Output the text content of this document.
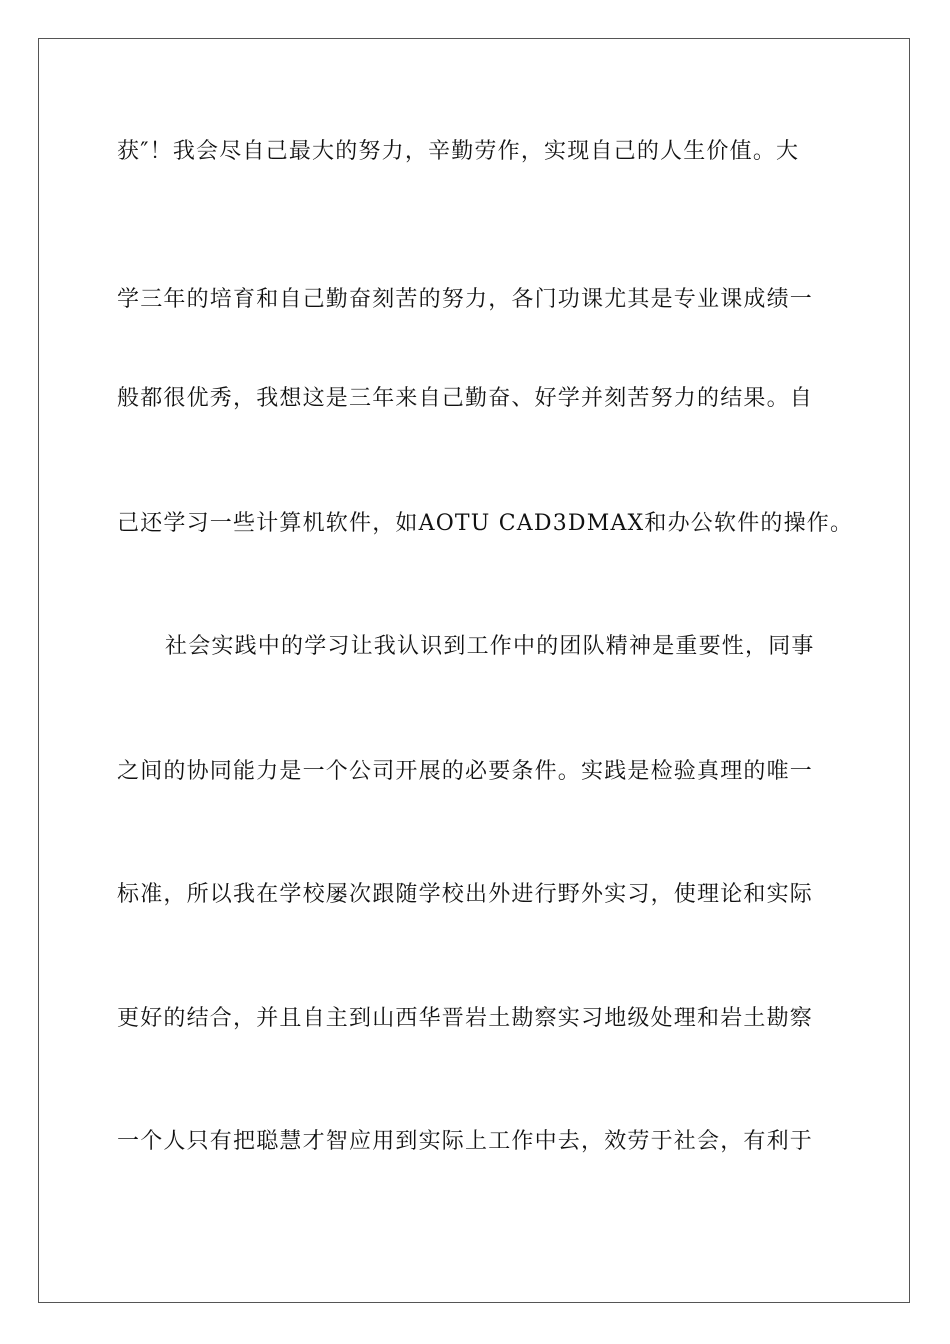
获″！我会尽自己最大的努力，辛勤劳作，实现自己的人生价值。大
学三年的培育和自己勤奋刻苦的努力，各门功课尤其是专业课成绩一
般都很优秀，我想这是三年来自己勤奋、好学并刻苦努力的结果。自
己还学习一些计算机软件，如AOTU CAD3DMAX和办公软件的操作。
社会实践中的学习让我认识到工作中的团队精神是重要性，同事
之间的协同能力是一个公司开展的必要条件。实践是检验真理的唯一
标准，所以我在学校屡次跟随学校出外进行野外实习，使理论和实际
更好的结合，并且自主到山西华晋岩土勘察实习地级处理和岩土勘察
一个人只有把聪慧才智应用到实际上工作中去，效劳于社会，有利于
